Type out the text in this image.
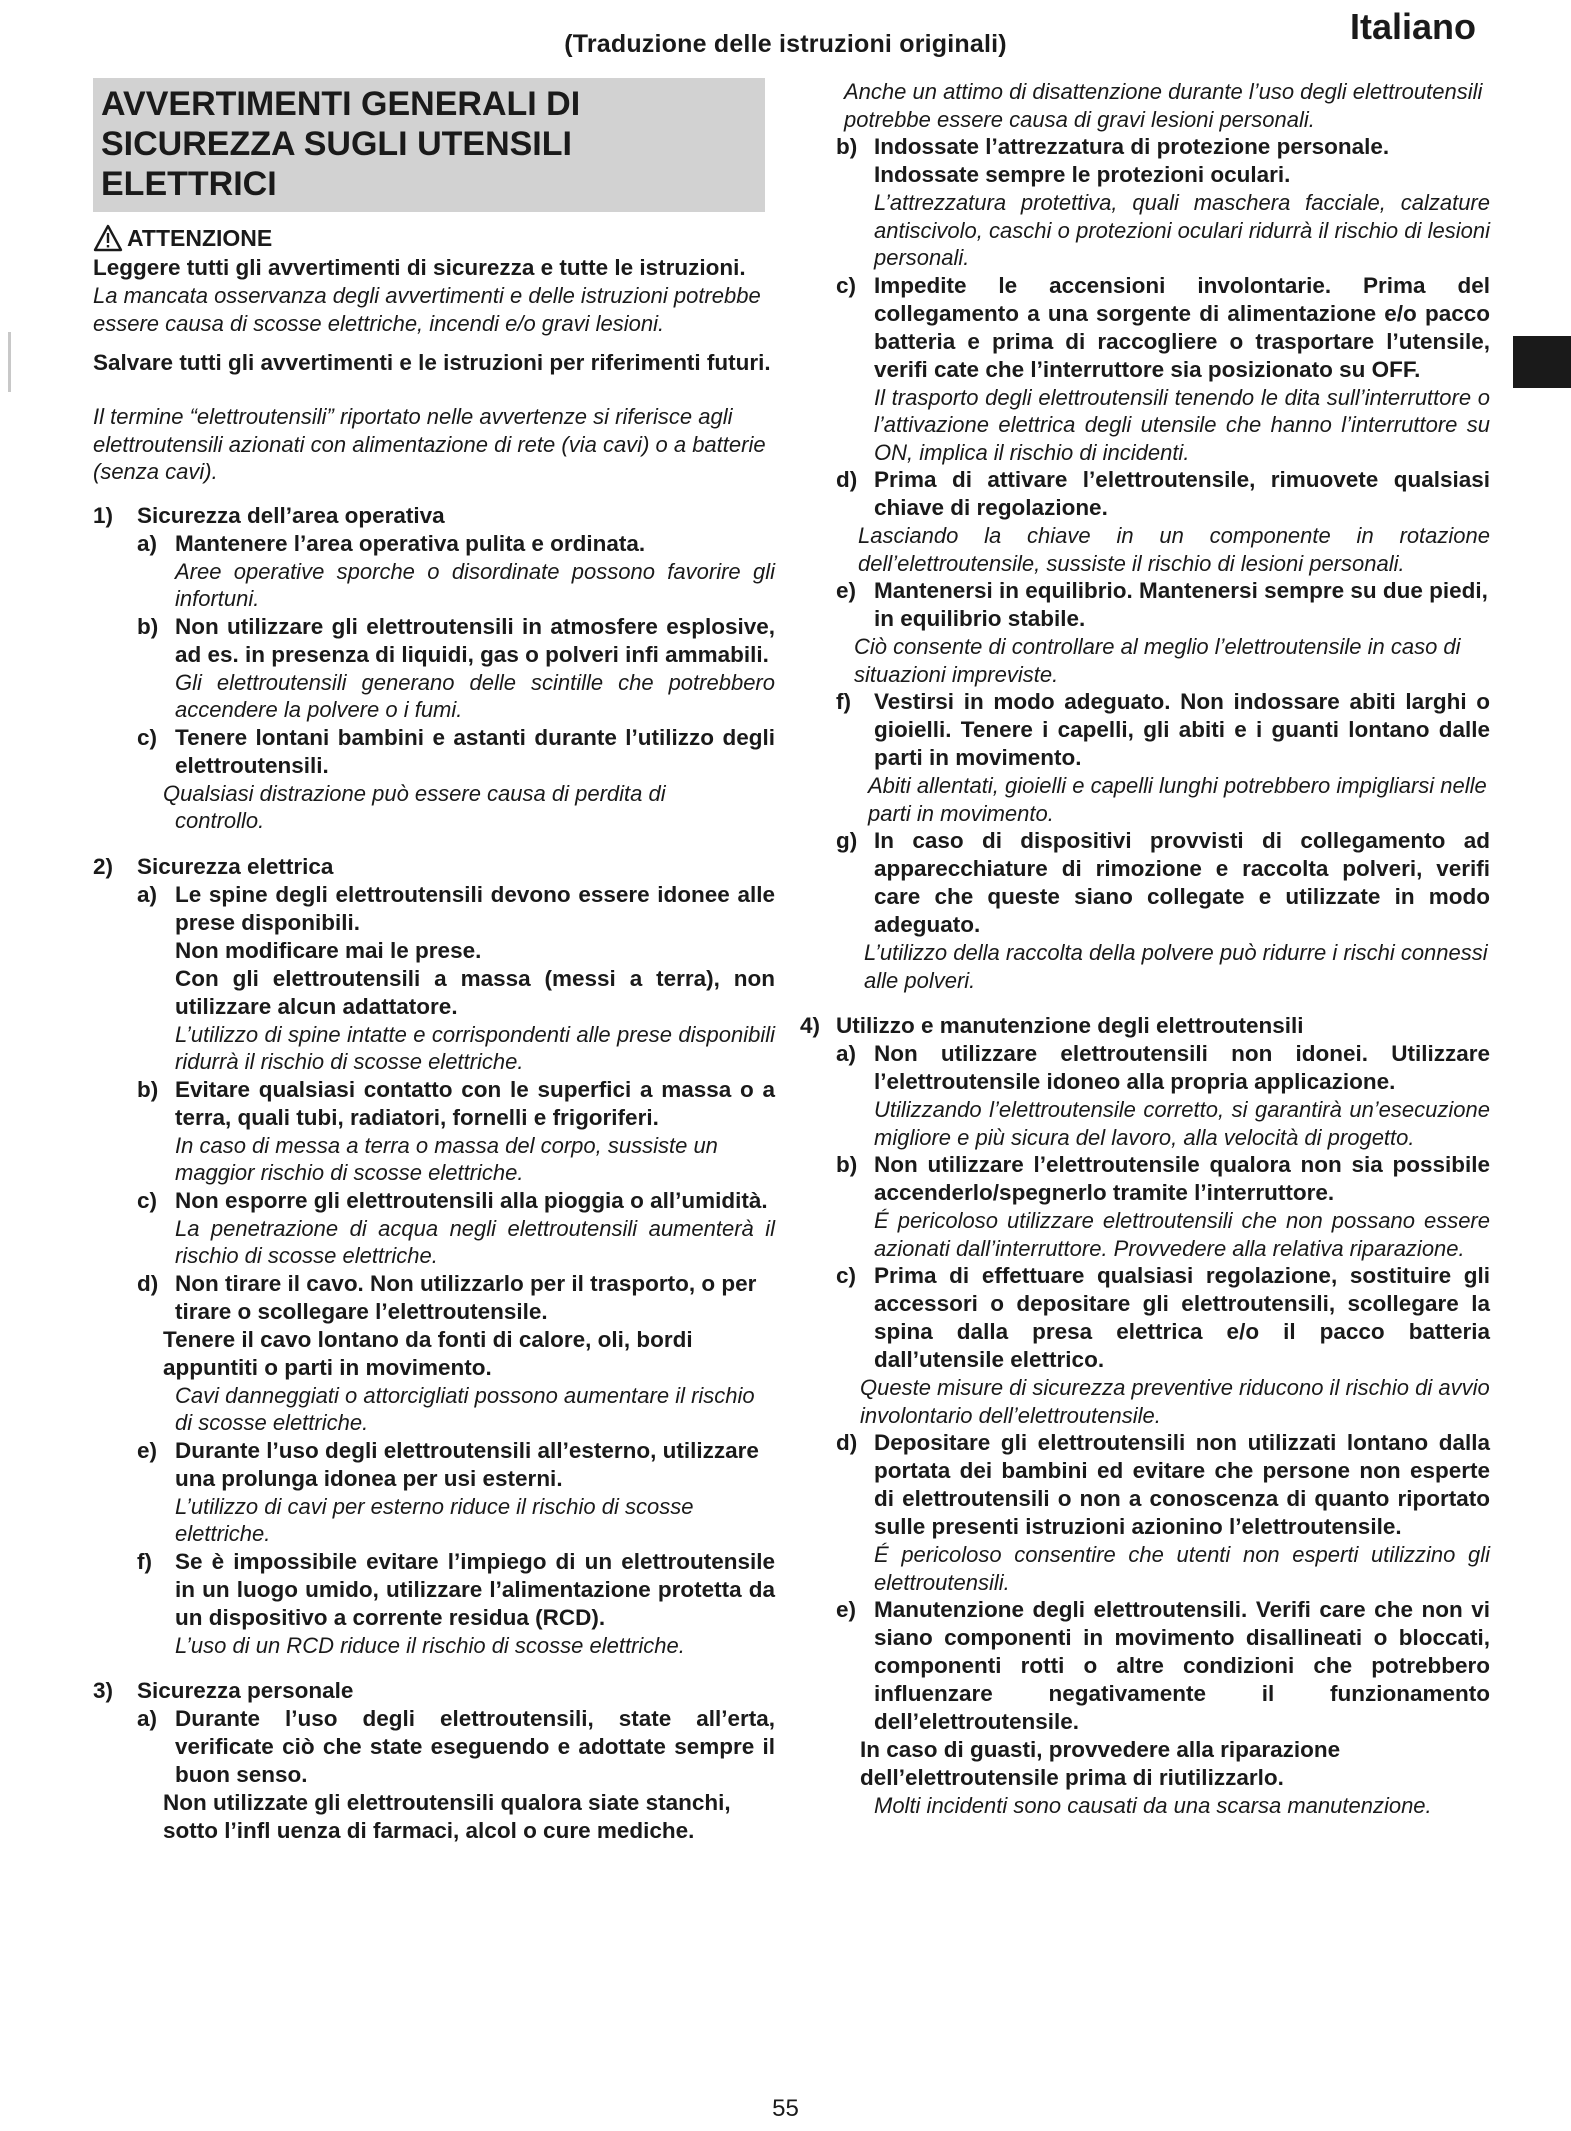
(Traduzione delle istruzioni originali)	Italiano
AVVERTIMENTI GENERALI DI
SICUREZZA SUGLI UTENSILI
ELETTRICI
ATTENZIONE
Leggere tutti gli avvertimenti di sicurezza e tutte le istruzioni.
La mancata osservanza degli avvertimenti e delle istruzioni potrebbe essere causa di scosse elettriche, incendi e/o gravi lesioni.
Salvare tutti gli avvertimenti e le istruzioni per riferimenti futuri.
Il termine “elettroutensili” riportato nelle avvertenze si riferisce agli elettroutensili azionati con alimentazione di rete (via cavi) o a batterie (senza cavi).
1)	Sicurezza dell’area operativa
a) Mantenere l’area operativa pulita e ordinata.
Aree operative sporche o disordinate possono favorire gli infortuni.
b) Non utilizzare gli elettroutensili in atmosfere esplosive, ad es. in presenza di liquidi, gas o polveri infi ammabili.
Gli elettroutensili generano delle scintille che potrebbero accendere la polvere o i fumi.
c) Tenere lontani bambini e astanti durante l’utilizzo degli elettroutensili.
Qualsiasi distrazione può essere causa di perdita di
controllo.
2)	Sicurezza elettrica
a) Le spine degli elettroutensili devono essere idonee alle prese disponibili.
Non modificare mai le prese.
Con gli elettroutensili a massa (messi a terra), non utilizzare alcun adattatore.
L’utilizzo di spine intatte e corrispondenti alle prese disponibili ridurrà il rischio di scosse elettriche.
b) Evitare qualsiasi contatto con le superfici a massa o a terra, quali tubi, radiatori, fornelli e frigoriferi.
In caso di messa a terra o massa del corpo, sussiste un maggior rischio di scosse elettriche.
c) Non esporre gli elettroutensili alla pioggia o all’umidità.
La penetrazione di acqua negli elettroutensili aumenterà il rischio di scosse elettriche.
d) Non tirare il cavo. Non utilizzarlo per il trasporto, o per tirare o scollegare l’elettroutensile.
Tenere il cavo lontano da fonti di calore, oli, bordi appuntiti o parti in movimento.
Cavi danneggiati o attorcigliati possono aumentare il rischio di scosse elettriche.
e) Durante l’uso degli elettroutensili all’esterno, utilizzare una prolunga idonea per usi esterni.
L’utilizzo di cavi per esterno riduce il rischio di scosse elettriche.
f)	Se è impossibile evitare l’impiego di un elettroutensile in un luogo umido, utilizzare l’alimentazione protetta da un dispositivo a corrente residua (RCD).
L’uso di un RCD riduce il rischio di scosse elettriche.
3)	Sicurezza personale
a) Durante l’uso degli elettroutensili, state all’erta, verificate ciò che state eseguendo e adottate sempre il buon senso.
Non utilizzate gli elettroutensili qualora siate stanchi, sotto l’infl uenza di farmaci, alcol o cure mediche.
Anche un attimo di disattenzione durante l’uso degli elettroutensili potrebbe essere causa di gravi lesioni personali.
b) Indossate l’attrezzatura di protezione personale. Indossate sempre le protezioni oculari.
L’attrezzatura protettiva, quali maschera facciale, calzature antiscivolo, caschi o protezioni oculari ridurrà il rischio di lesioni personali.
c) Impedite le accensioni involontarie. Prima del collegamento a una sorgente di alimentazione e/o pacco batteria e prima di raccogliere o trasportare l’utensile, verifi cate che l’interruttore sia posizionato su OFF.
Il trasporto degli elettroutensili tenendo le dita sull’interruttore o l’attivazione elettrica degli utensile che hanno l’interruttore su ON, implica il rischio di incidenti.
d) Prima di attivare l’elettroutensile, rimuovete qualsiasi chiave di regolazione.
Lasciando la chiave in un componente in rotazione dell’elettroutensile, sussiste il rischio di lesioni personali.
e) Mantenersi in equilibrio. Mantenersi sempre su due piedi, in equilibrio stabile.
Ciò consente di controllare al meglio l’elettroutensile in caso di situazioni impreviste.
f)	Vestirsi in modo adeguato. Non indossare abiti larghi o gioielli. Tenere i capelli, gli abiti e i guanti lontano dalle parti in movimento.
Abiti allentati, gioielli e capelli lunghi potrebbero impigliarsi nelle parti in movimento.
g) In caso di dispositivi provvisti di collegamento ad apparecchiature di rimozione e raccolta polveri, verifi care che queste siano collegate e utilizzate in modo adeguato.
L’utilizzo della raccolta della polvere può ridurre i rischi connessi alle polveri.
4) Utilizzo e manutenzione degli elettroutensili
a) Non utilizzare elettroutensili non idonei. Utilizzare l’elettroutensile idoneo alla propria applicazione.
Utilizzando l’elettroutensile corretto, si garantirà un’esecuzione migliore e più sicura del lavoro, alla velocità di progetto.
b) Non utilizzare l’elettroutensile qualora non sia possibile accenderlo/spegnerlo tramite l’interruttore.
É pericoloso utilizzare elettroutensili che non possano essere azionati dall’interruttore. Provvedere alla relativa riparazione.
c) Prima di effettuare qualsiasi regolazione, sostituire gli accessori o depositare gli elettroutensili, scollegare la spina dalla presa elettrica e/o il pacco batteria dall’utensile elettrico.
Queste misure di sicurezza preventive riducono il rischio di avvio involontario dell’elettroutensile.
d) Depositare gli elettroutensili non utilizzati lontano dalla portata dei bambini ed evitare che persone non esperte di elettroutensili o non a conoscenza di quanto riportato sulle presenti istruzioni azionino l’elettroutensile.
É pericoloso consentire che utenti non esperti utilizzino gli elettroutensili.
e) Manutenzione degli elettroutensili. Verifi care che non vi siano componenti in movimento disallineati o bloccati, componenti rotti o altre condizioni che potrebbero influenzare negativamente il funzionamento dell’elettroutensile.
In caso di guasti, provvedere alla riparazione dell’elettroutensile prima di riutilizzarlo.
Molti incidenti sono causati da una scarsa manutenzione.
55
